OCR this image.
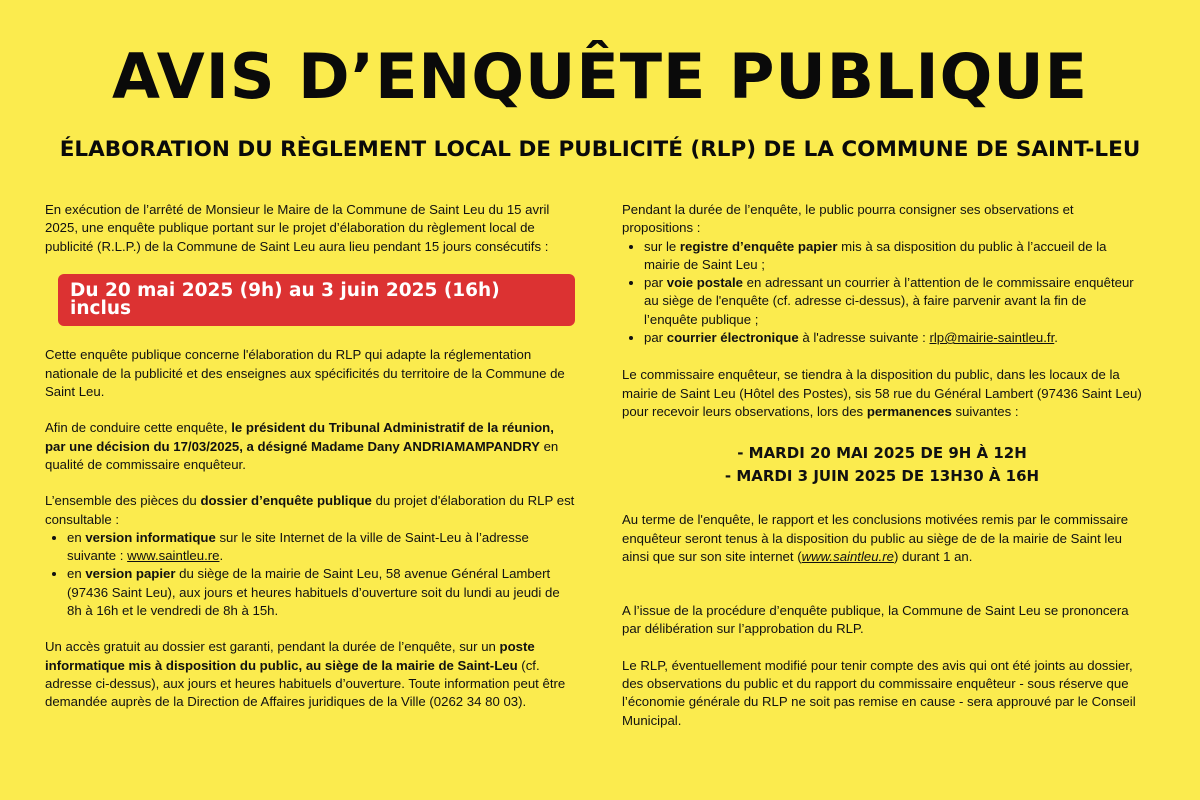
AVIS D’ENQUÊTE PUBLIQUE
ÉLABORATION DU RÈGLEMENT LOCAL DE PUBLICITÉ (RLP) DE LA COMMUNE DE SAINT-LEU

En exécution de l’arrêté de Monsieur le Maire de la Commune de Saint Leu du 15 avril 2025, une enquête publique portant sur le projet d’élaboration du règlement local de publicité (R.L.P.) de la Commune de Saint Leu aura lieu pendant 15 jours consécutifs :

Du 20 mai 2025 (9h) au 3 juin 2025 (16h) inclus

Cette enquête publique concerne l'élaboration du RLP qui adapte la réglementation nationale de la publicité et des enseignes aux spécificités du territoire de la Commune de Saint Leu.

Afin de conduire cette enquête, le président du Tribunal Administratif de la réunion, par une décision du 17/03/2025, a désigné Madame Dany ANDRIAMAMPANDRY en qualité de commissaire enquêteur.

L’ensemble des pièces du dossier d’enquête publique du projet d'élaboration du RLP est consultable :

• en version informatique sur le site Internet de la ville de Saint-Leu à l’adresse suivante : www.saintleu.re.
• en version papier du siège de la mairie de Saint Leu, 58 avenue Général Lambert (97436 Saint Leu), aux jours et heures habituels d’ouverture soit du lundi au jeudi de 8h à 16h et le vendredi de 8h à 15h.

Un accès gratuit au dossier est garanti, pendant la durée de l’enquête, sur un poste informatique mis à disposition du public, au siège de la mairie de Saint-Leu (cf. adresse ci-dessus), aux jours et heures habituels d’ouverture. Toute information peut être demandée auprès de la Direction de Affaires juridiques de la Ville (0262 34 80 03).

Pendant la durée de l’enquête, le public pourra consigner ses observations et propositions :

• sur le registre d’enquête papier mis à sa disposition du public à l’accueil de la mairie de Saint Leu ;
• par voie postale en adressant un courrier à l’attention de le commissaire enquêteur au siège de l'enquête (cf. adresse ci-dessus), à faire parvenir avant la fin de l’enquête publique ;
• par courrier électronique à l'adresse suivante : rlp@mairie-saintleu.fr.

Le commissaire enquêteur, se tiendra à la disposition du public, dans les locaux de la mairie de Saint Leu (Hôtel des Postes), sis 58 rue du Général Lambert (97436 Saint Leu) pour recevoir leurs observations, lors des permanences suivantes :

- MARDI 20 MAI 2025 DE 9H À 12H
- MARDI 3 JUIN 2025 DE 13H30 À 16H

Au terme de l'enquête, le rapport et les conclusions motivées remis par le commissaire enquêteur seront tenus à la disposition du public au siège de de la mairie de Saint leu ainsi que sur son site internet (www.saintleu.re) durant 1 an.

A l’issue de la procédure d’enquête publique, la Commune de Saint Leu se prononcera par délibération sur l’approbation du RLP.

Le RLP, éventuellement modifié pour tenir compte des avis qui ont été joints au dossier, des observations du public et du rapport du commissaire enquêteur - sous réserve que l’économie générale du RLP ne soit pas remise en cause - sera approuvé par le Conseil Municipal.
